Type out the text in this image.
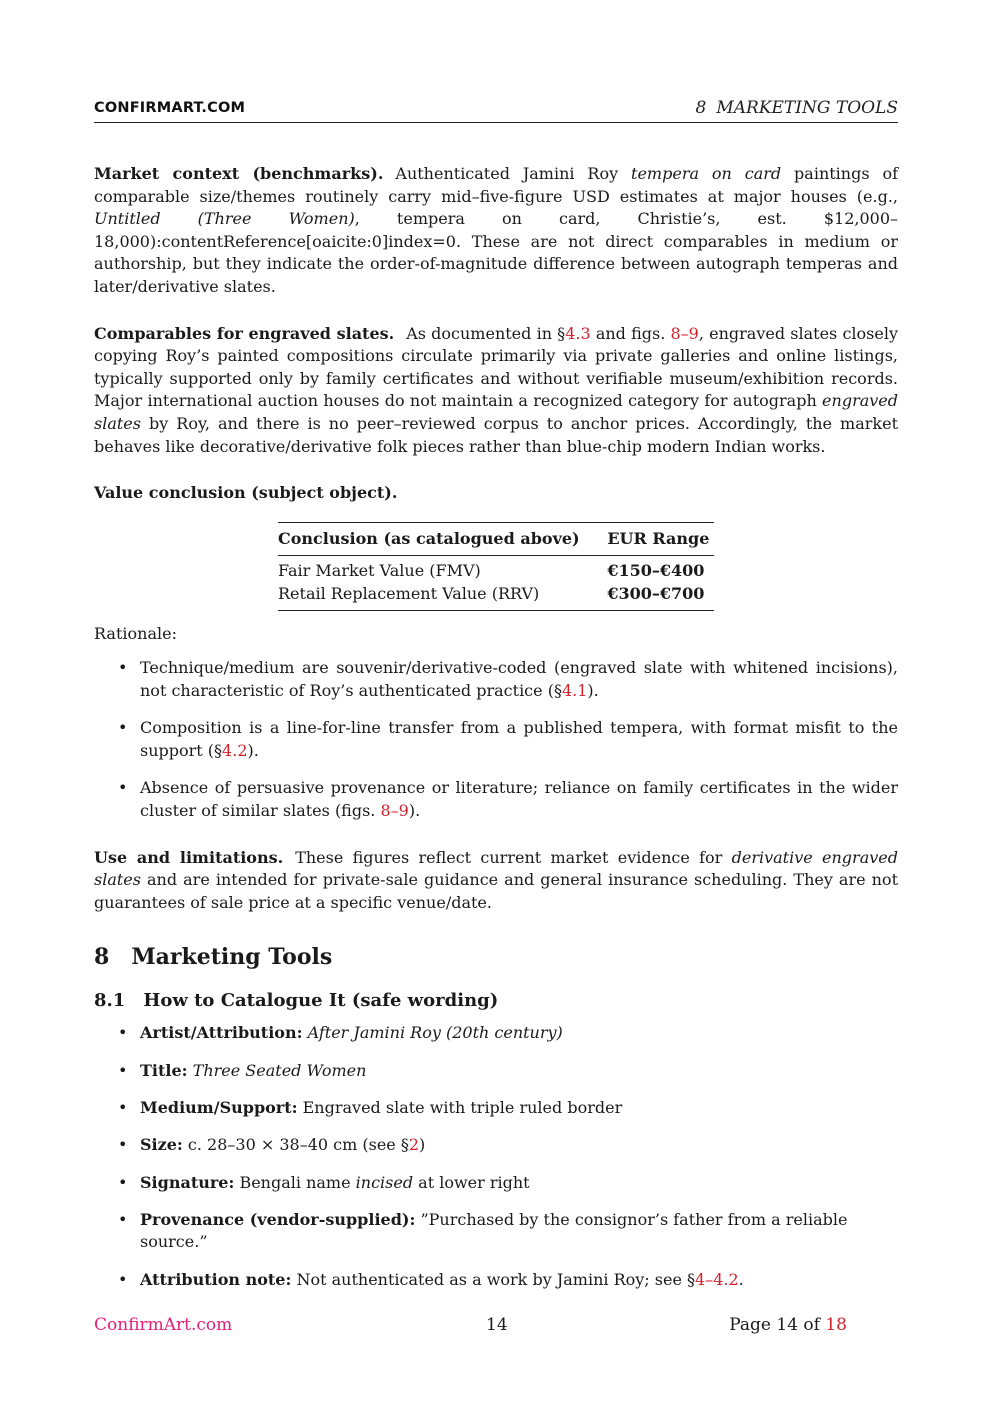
CONFIRMART.COM	8 MARKETING TOOLS

Market context (benchmarks). Authenticated Jamini Roy tempera on card paintings of comparable size/themes routinely carry mid–five-figure USD estimates at major houses (e.g., Untitled (Three Women), tempera on card, Christie’s, est. $12,000–18,000):contentReference[oaicite:0]index=0. These are not direct comparables in medium or authorship, but they indicate the order-of-magnitude difference between autograph temperas and later/derivative slates.

Comparables for engraved slates. As documented in §4.3 and figs. 8–9, engraved slates closely copying Roy’s painted compositions circulate primarily via private galleries and online listings, typically supported only by family certificates and without verifiable museum/exhibition records. Major international auction houses do not maintain a recognized category for autograph engraved slates by Roy, and there is no peer–reviewed corpus to anchor prices. Accordingly, the market behaves like decorative/derivative folk pieces rather than blue-chip modern Indian works.

Value conclusion (subject object).

Conclusion (as catalogued above)	EUR Range
Fair Market Value (FMV)	€150–€400
Retail Replacement Value (RRV)	€300–€700

Rationale:

• Technique/medium are souvenir/derivative-coded (engraved slate with whitened incisions), not characteristic of Roy’s authenticated practice (§4.1).
• Composition is a line-for-line transfer from a published tempera, with format misfit to the support (§4.2).
• Absence of persuasive provenance or literature; reliance on family certificates in the wider cluster of similar slates (figs. 8–9).

Use and limitations. These figures reflect current market evidence for derivative engraved slates and are intended for private-sale guidance and general insurance scheduling. They are not guarantees of sale price at a specific venue/date.

8 Marketing Tools
8.1 How to Catalogue It (safe wording)
• Artist/Attribution: After Jamini Roy (20th century)
• Title: Three Seated Women
• Medium/Support: Engraved slate with triple ruled border
• Size: c. 28–30 × 38–40 cm (see §2)
• Signature: Bengali name incised at lower right
• Provenance (vendor-supplied): ”Purchased by the consignor’s father from a reliable source.”
• Attribution note: Not authenticated as a work by Jamini Roy; see §4–4.2.
ConfirmArt.com	14	Page 14 of 18
